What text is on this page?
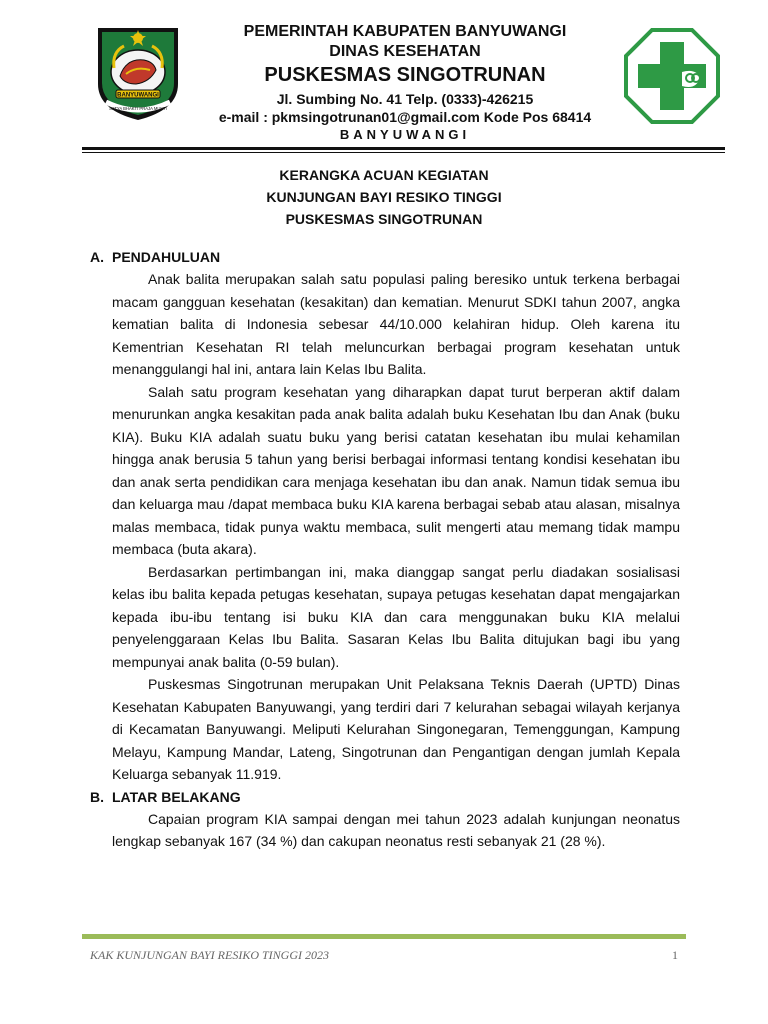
BANYUWANGI
SATYA BHAKTI PRAJA MUKTI
PEMERINTAH KABUPATEN BANYUWANGI
DINAS KESEHATAN
PUSKESMAS SINGOTRUNAN
Jl. Sumbing No. 41 Telp. (0333)-426215
e-mail : pkmsingotrunan01@gmail.com Kode Pos 68414
BANYUWANGI
KERANGKA ACUAN KEGIATAN
KUNJUNGAN BAYI RESIKO TINGGI
PUSKESMAS SINGOTRUNAN
A. PENDAHULUAN

Anak balita merupakan salah satu populasi paling beresiko untuk terkena berbagai macam gangguan kesehatan (kesakitan) dan kematian. Menurut SDKI tahun 2007, angka kematian balita di Indonesia sebesar 44/10.000 kelahiran hidup. Oleh karena itu Kementrian Kesehatan RI telah meluncurkan berbagai program kesehatan untuk menanggulangi hal ini, antara lain Kelas Ibu Balita.

Salah satu program kesehatan yang diharapkan dapat turut berperan aktif dalam menurunkan angka kesakitan pada anak balita adalah buku Kesehatan Ibu dan Anak (buku KIA). Buku KIA adalah suatu buku yang berisi catatan kesehatan ibu mulai kehamilan hingga anak berusia 5 tahun yang berisi berbagai informasi tentang kondisi kesehatan ibu dan anak serta pendidikan cara menjaga kesehatan ibu dan anak. Namun tidak semua ibu dan keluarga mau /dapat membaca buku KIA karena berbagai sebab atau alasan, misalnya malas membaca, tidak punya waktu membaca, sulit mengerti atau memang tidak mampu membaca (buta akara).

Berdasarkan pertimbangan ini, maka dianggap sangat perlu diadakan sosialisasi kelas ibu balita kepada petugas kesehatan, supaya petugas kesehatan dapat mengajarkan kepada ibu-ibu tentang isi buku KIA dan cara menggunakan buku KIA melalui penyelenggaraan Kelas Ibu Balita. Sasaran Kelas Ibu Balita ditujukan bagi ibu yang mempunyai anak balita (0-59 bulan).

Puskesmas Singotrunan merupakan Unit Pelaksana Teknis Daerah (UPTD) Dinas Kesehatan Kabupaten Banyuwangi, yang terdiri dari 7 kelurahan sebagai wilayah kerjanya di Kecamatan Banyuwangi. Meliputi Kelurahan Singonegaran, Temenggungan, Kampung Melayu, Kampung Mandar, Lateng, Singotrunan dan Pengantigan dengan jumlah Kepala Keluarga sebanyak 11.919.

B. LATAR BELAKANG

Capaian program KIA sampai dengan mei tahun 2023 adalah kunjungan neonatus lengkap sebanyak 167 (34 %) dan cakupan neonatus resti sebanyak 21 (28 %).

KAK KUNJUNGAN BAYI RESIKO TINGGI 2023	1
